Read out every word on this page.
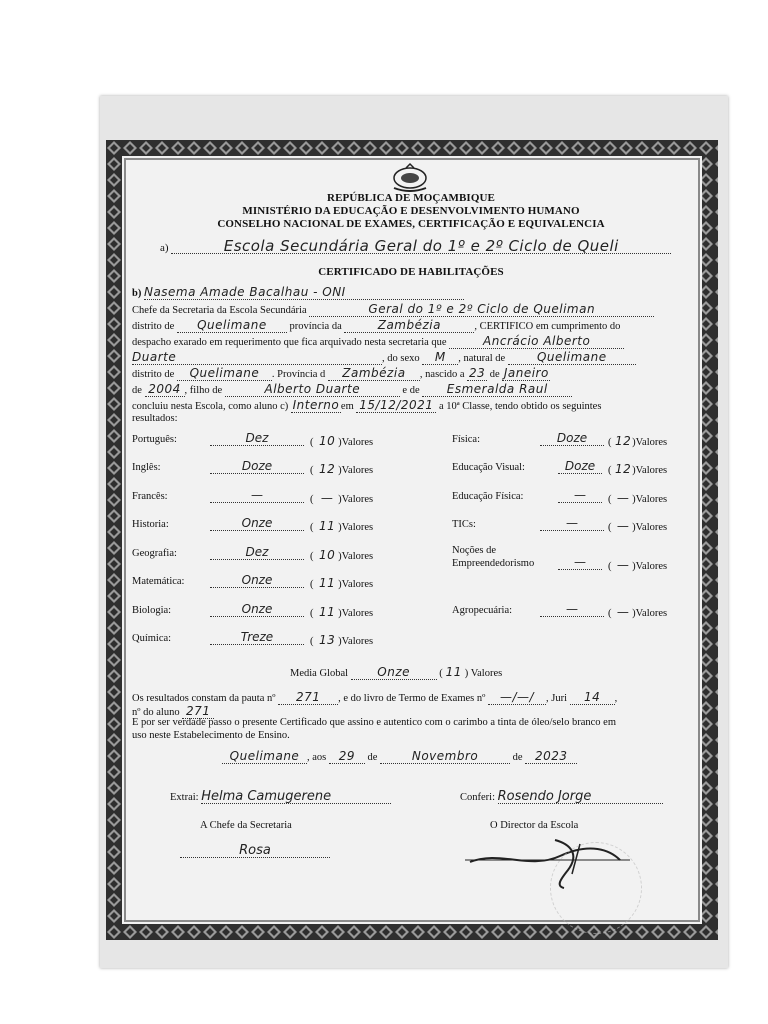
REPÚBLICA DE MOÇAMBIQUE
MINISTÉRIO DA EDUCAÇÃO E DESENVOLVIMENTO HUMANO
CONSELHO NACIONAL DE EXAMES, CERTIFICAÇÃO E EQUIVALENCIA
a)	Escola Secundária Geral do 1º e 2º Ciclo de Queli
CERTIFICADO DE HABILITAÇÕES
b) Nasema Amade Bacalhau - ONI
Chefe da Secretaria da Escola Secundária	Geral do 1º e 2º Ciclo de Queliman
distrito de Quelimane província da	Zambézia	, CERTIFICO em cumprimento do
despacho exarado em requerimento que fica arquivado nesta secretaria que	Ancrácio Alberto
Duarte	, do sexo M , natural de	Quelimane
distrito de Quelimane . Província d Zambézia , nascido a 23 de Janeiro
de 2004 , filho de	Alberto Duarte	e de Esmeralda Raul
concluiu nesta Escola, como aluno c) Interno em 15/12/2021 a 10ª Classe, tendo obtido os seguintes
resultados:
Português:	Dez	( 10 )Valores
Inglês:	Doze	( 12 )Valores
Francês:	—	( — )Valores
Historia:	Onze	( 11 )Valores
Geografia:	Dez	( 10 )Valores
Matemática:	Onze	( 11 )Valores
Biologia:	Onze	( 11 )Valores
Química:	Treze	( 13 )Valores
Física:	Doze	( 12)Valores
Educação Visual:	Doze	( 12)Valores
Educação Física:	—	( — )Valores
TICs:	—	( — )Valores
Noções de
Empreendedorismo	—	( — )Valores
Agropecuária:	—	( — )Valores
Media Global Onze	( 11 ) Valores
Os resultados constam da pauta nº 271 , e do livro de Termo de Exames nº —/—/ , Juri 14 ,
nº do aluno 271
E por ser verdade passo o presente Certificado que assino e autentico com o carimbo a tinta de óleo/selo branco em
uso neste Estabelecimento de Ensino.
Quelimane , aos 29 de	Novembro	de 2023
Extrai: Helma Camugerene	Conferi: Rosendo Jorge
A Chefe da Secretaria	O Director da Escola
Rosa
